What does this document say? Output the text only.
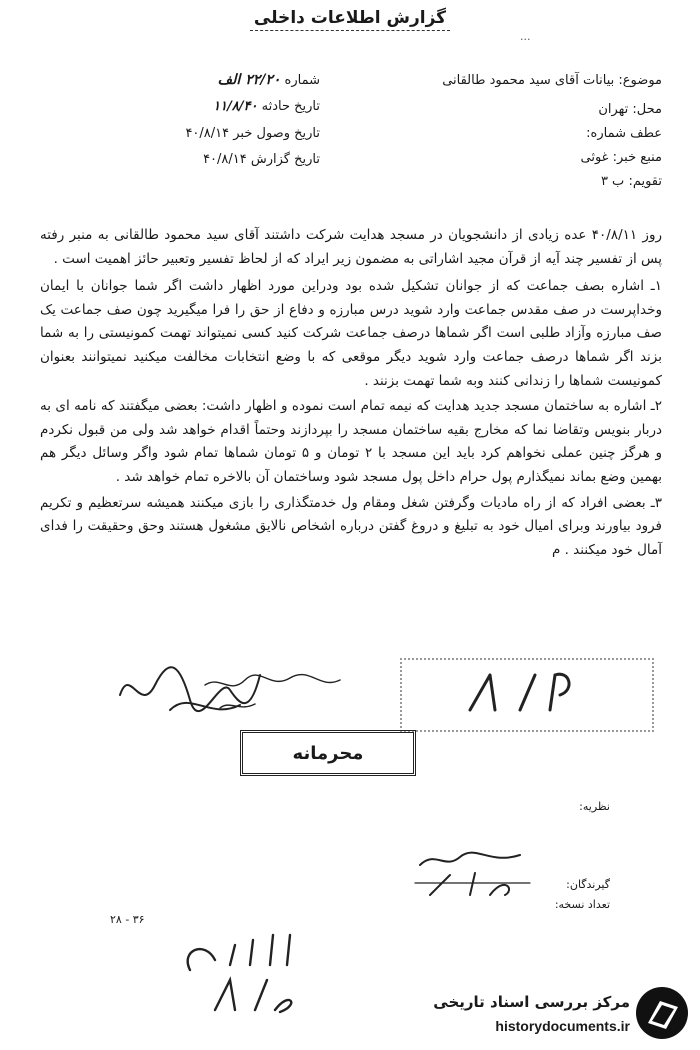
گزارش اطلاعات داخلی
...
موضوع: بیانات آقای سید محمود طالقانی
محل: تهران
عطف شماره:
منبع خبر: غوثی
تقویم: ب ۳
شماره ۲۲/۲۰ الف
تاریخ حادثه ۱۱/۸/۴۰
تاریخ وصول خبر ۴۰/۸/۱۴
تاریخ گزارش ۴۰/۸/۱۴

روز ۴۰/۸/۱۱ عده زیادی از دانشجویان در مسجد هدایت شرکت داشتند آقای سید محمود طالقانی به منبر رفته پس از تفسیر چند آیه از قرآن مجید اشاراتی به مضمون زیر ایراد که از لحاظ تفسیر وتعبیر حائز اهمیت است .

۱ـ اشاره بصف جماعت که از جوانان تشکیل شده بود ودراین مورد اظهار داشت اگر شما جوانان با ایمان وخداپرست در صف مقدس جماعت وارد شوید درس مبارزه و دفاع از حق را فرا میگیرید چون صف جماعت یک صف مبارزه وآزاد طلبی است اگر شماها درصف جماعت شرکت کنید کسی نمیتواند تهمت کمونیستی را به شما بزند اگر شماها درصف جماعت وارد شوید دیگر موقعی که با وضع انتخابات مخالفت میکنید نمیتوانند بعنوان کمونیست شماها را زندانی کنند وبه شما تهمت بزنند .

۲ـ اشاره به ساختمان مسجد جدید هدایت که نیمه تمام است نموده و اظهار داشت: بعضی میگفتند که نامه ای به دربار بنویس وتقاضا نما که مخارج بقیه ساختمان مسجد را بپردازند وحتماً اقدام خواهد شد ولی من قبول نکردم و هرگز چنین عملی نخواهم کرد باید این مسجد با ۲ تومان و ۵ تومان شماها تمام شود واگر وسائل دیگر هم بهمین وضع بماند نمیگذارم پول حرام داخل پول مسجد شود وساختمان آن بالاخره تمام خواهد شد .

۳ـ بعضی افراد که از راه مادیات وگرفتن شغل ومقام ول خدمتگذاری را بازی میکنند همیشه سرتعظیم و تکریم فرود بیاورند وبرای امیال خود به تبلیغ و دروغ گفتن درباره اشخاص نالایق مشغول هستند وحق وحقیقت را فدای آمال خود میکنند . م

محرمانه
نظریه:
گیرندگان:
تعداد نسخه:
۲۸ - ۳۶
مرکز بررسی اسناد تاریخی
historydocuments.ir
